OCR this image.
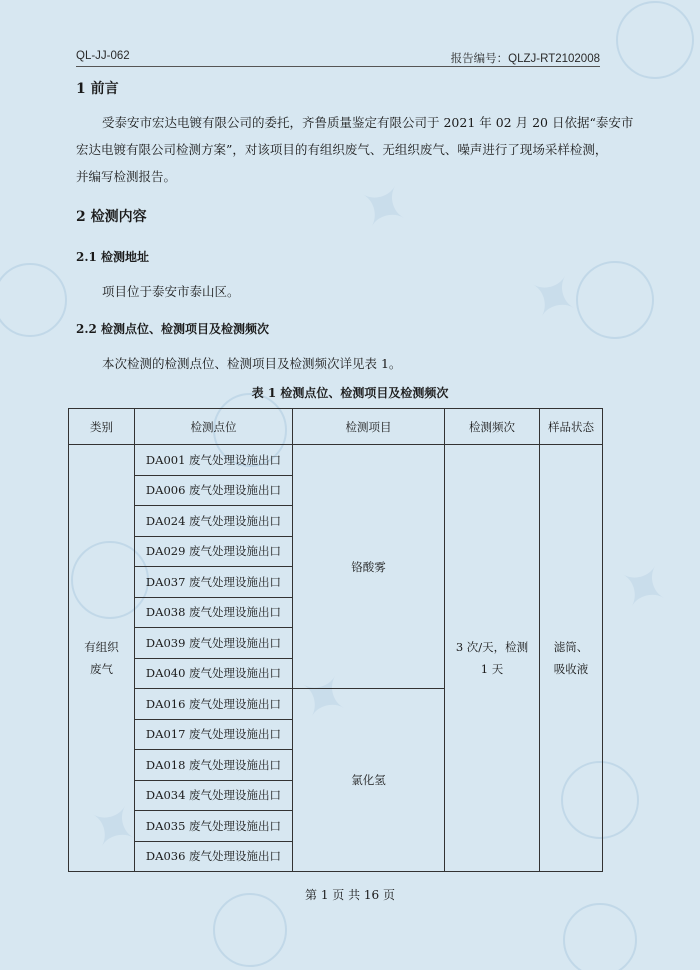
✦
✦
✦
✦
✦
QL-JJ-062	报告编号：QLZJ-RT2102008
1 前言
受泰安市宏达电镀有限公司的委托，齐鲁质量鉴定有限公司于 2021 年 02 月 20 日依据“泰安市
宏达电镀有限公司检测方案”，对该项目的有组织废气、无组织废气、噪声进行了现场采样检测，
并编写检测报告。
2 检测内容
2.1 检测地址
项目位于泰安市泰山区。
2.2 检测点位、检测项目及检测频次
本次检测的检测点位、检测项目及检测频次详见表 1。
表 1 检测点位、检测项目及检测频次
类别	检测点位	检测项目	检测频次	样品状态
有组织废气	DA001 废气处理设施出口	铬酸雾	3 次/天，检测 1 天	滤筒、吸收液
	DA006 废气处理设施出口			
	DA024 废气处理设施出口			
	DA029 废气处理设施出口			
	DA037 废气处理设施出口			
	DA038 废气处理设施出口			
	DA039 废气处理设施出口			
	DA040 废气处理设施出口			
	DA016 废气处理设施出口	氯化氢		
	DA017 废气处理设施出口			
	DA018 废气处理设施出口			
	DA034 废气处理设施出口			
	DA035 废气处理设施出口			
	DA036 废气处理设施出口			
第 1 页 共 16 页
